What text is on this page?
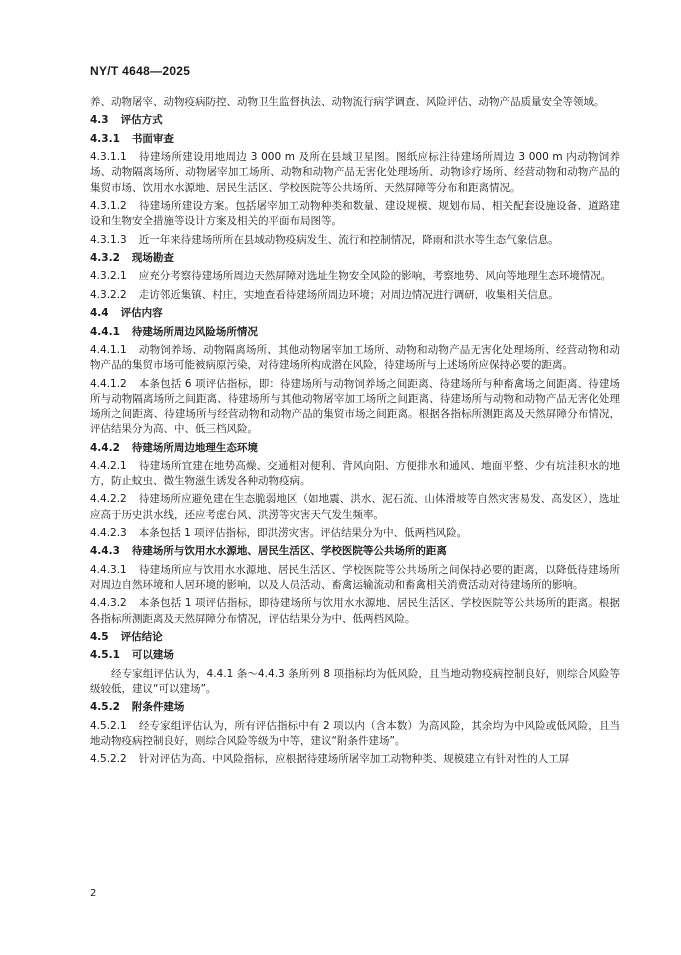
NY/T 4648—2025
养、动物屠宰、动物疫病防控、动物卫生监督执法、动物流行病学调查、风险评估、动物产品质量安全等领域。
4.3 评估方式
4.3.1 书面审查
4.3.1.1 待建场所建设用地周边 3 000 m 及所在县域卫星图。图纸应标注待建场所周边 3 000 m 内动物饲养场、动物隔离场所、动物屠宰加工场所、动物和动物产品无害化处理场所、动物诊疗场所、经营动物和动物产品的集贸市场、饮用水水源地、居民生活区、学校医院等公共场所、天然屏障等分布和距离情况。
4.3.1.2 待建场所建设方案。包括屠宰加工动物种类和数量、建设规模、规划布局、相关配套设施设备、道路建设和生物安全措施等设计方案及相关的平面布局图等。
4.3.1.3 近一年来待建场所所在县域动物疫病发生、流行和控制情况，降雨和洪水等生态气象信息。
4.3.2 现场勘查
4.3.2.1 应充分考察待建场所周边天然屏障对选址生物安全风险的影响，考察地势、风向等地理生态环境情况。
4.3.2.2 走访邻近集镇、村庄，实地查看待建场所周边环境；对周边情况进行调研，收集相关信息。
4.4 评估内容
4.4.1 待建场所周边风险场所情况
4.4.1.1 动物饲养场、动物隔离场所、其他动物屠宰加工场所、动物和动物产品无害化处理场所、经营动物和动物产品的集贸市场可能被病原污染，对待建场所构成潜在风险，待建场所与上述场所应保持必要的距离。
4.4.1.2 本条包括 6 项评估指标，即：待建场所与动物饲养场之间距离、待建场所与种畜禽场之间距离、待建场所与动物隔离场所之间距离、待建场所与其他动物屠宰加工场所之间距离、待建场所与动物和动物产品无害化处理场所之间距离、待建场所与经营动物和动物产品的集贸市场之间距离。根据各指标所测距离及天然屏障分布情况，评估结果分为高、中、低三档风险。
4.4.2 待建场所周边地理生态环境
4.4.2.1 待建场所宜建在地势高燥、交通相对便利、背风向阳、方便排水和通风、地面平整、少有坑洼积水的地方，防止蚊虫、微生物滋生诱发各种动物疫病。
4.4.2.2 待建场所应避免建在生态脆弱地区（如地震、洪水、泥石流、山体滑坡等自然灾害易发、高发区），选址应高于历史洪水线，还应考虑台风、洪涝等灾害天气发生频率。
4.4.2.3 本条包括 1 项评估指标，即洪涝灾害。评估结果分为中、低两档风险。
4.4.3 待建场所与饮用水水源地、居民生活区、学校医院等公共场所的距离
4.4.3.1 待建场所应与饮用水水源地、居民生活区、学校医院等公共场所之间保持必要的距离，以降低待建场所对周边自然环境和人居环境的影响，以及人员活动、畜禽运输流动和畜禽相关消费活动对待建场所的影响。
4.4.3.2 本条包括 1 项评估指标，即待建场所与饮用水水源地、居民生活区、学校医院等公共场所的距离。根据各指标所测距离及天然屏障分布情况，评估结果分为中、低两档风险。
4.5 评估结论
4.5.1 可以建场
经专家组评估认为，4.4.1 条～4.4.3 条所列 8 项指标均为低风险，且当地动物疫病控制良好，则综合风险等级较低，建议“可以建场”。
4.5.2 附条件建场
4.5.2.1 经专家组评估认为，所有评估指标中有 2 项以内（含本数）为高风险，其余均为中风险或低风险，且当地动物疫病控制良好，则综合风险等级为中等，建议“附条件建场”。
4.5.2.2 针对评估为高、中风险指标，应根据待建场所屠宰加工动物种类、规模建立有针对性的人工屏
2
